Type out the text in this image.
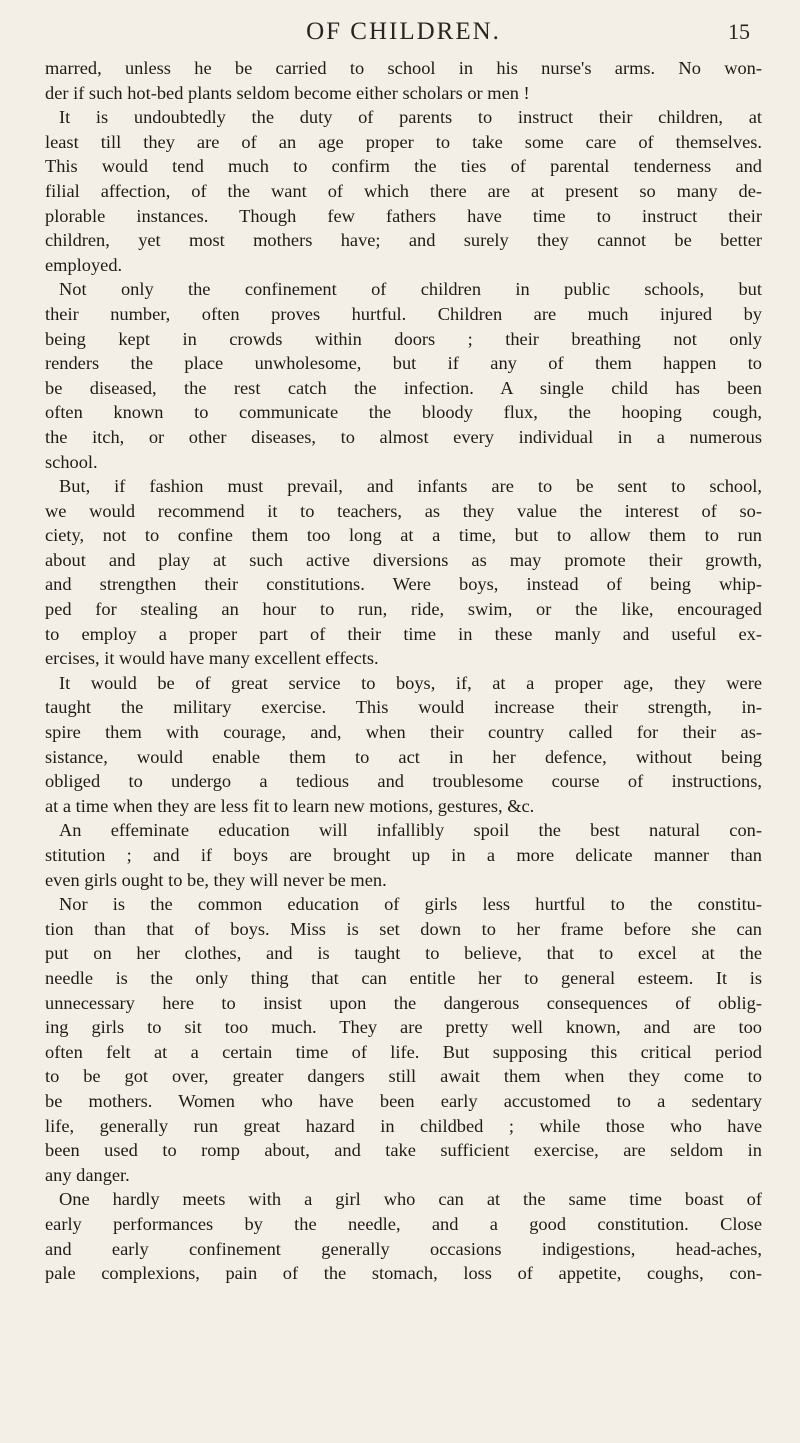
OF CHILDREN.	15

marred, unless he be carried to school in his nurse's arms. No won-

der if such hot-bed plants seldom become either scholars or men !

It is undoubtedly the duty of parents to instruct their children, at

least till they are of an age proper to take some care of themselves.

This would tend much to confirm the ties of parental tenderness and

filial affection, of the want of which there are at present so many de-

plorable instances. Though few fathers have time to instruct their

children, yet most mothers have; and surely they cannot be better

employed.

Not only the confinement of children in public schools, but

their number, often proves hurtful. Children are much injured by

being kept in crowds within doors ; their breathing not only

renders the place unwholesome, but if any of them happen to

be diseased, the rest catch the infection. A single child has been

often known to communicate the bloody flux, the hooping cough,

the itch, or other diseases, to almost every individual in a numerous

school.

But, if fashion must prevail, and infants are to be sent to school,

we would recommend it to teachers, as they value the interest of so-

ciety, not to confine them too long at a time, but to allow them to run

about and play at such active diversions as may promote their growth,

and strengthen their constitutions. Were boys, instead of being whip-

ped for stealing an hour to run, ride, swim, or the like, encouraged

to employ a proper part of their time in these manly and useful ex-

ercises, it would have many excellent effects.

It would be of great service to boys, if, at a proper age, they were

taught the military exercise. This would increase their strength, in-

spire them with courage, and, when their country called for their as-

sistance, would enable them to act in her defence, without being

obliged to undergo a tedious and troublesome course of instructions,

at a time when they are less fit to learn new motions, gestures, &c.

An effeminate education will infallibly spoil the best natural con-

stitution ; and if boys are brought up in a more delicate manner than

even girls ought to be, they will never be men.

Nor is the common education of girls less hurtful to the constitu-

tion than that of boys. Miss is set down to her frame before she can

put on her clothes, and is taught to believe, that to excel at the

needle is the only thing that can entitle her to general esteem. It is

unnecessary here to insist upon the dangerous consequences of oblig-

ing girls to sit too much. They are pretty well known, and are too

often felt at a certain time of life. But supposing this critical period

to be got over, greater dangers still await them when they come to

be mothers. Women who have been early accustomed to a sedentary

life, generally run great hazard in childbed ; while those who have

been used to romp about, and take sufficient exercise, are seldom in

any danger.

One hardly meets with a girl who can at the same time boast of

early performances by the needle, and a good constitution. Close

and early confinement generally occasions indigestions, head-aches,

pale complexions, pain of the stomach, loss of appetite, coughs, con-
